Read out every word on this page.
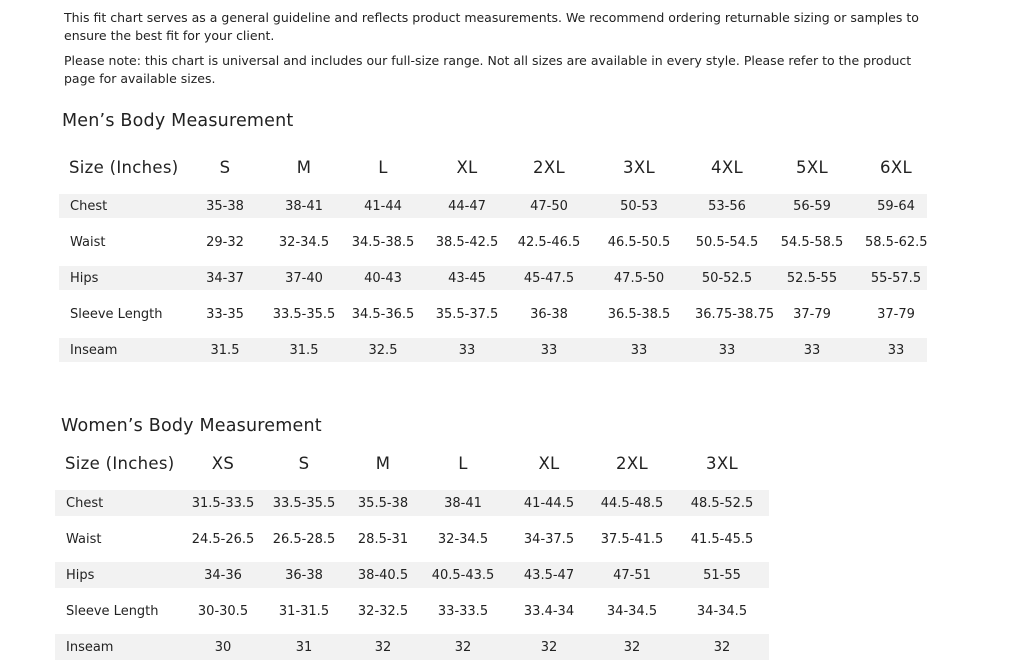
This fit chart serves as a general guideline and reflects product measurements. We recommend ordering returnable sizing or samples to ensure the best fit for your client.

Please note: this chart is universal and includes our full-size range. Not all sizes are available in every style. Please refer to the product page for available sizes.

Men’s Body Measurement
Size (Inches)	S	M	L	XL	2XL	3XL	4XL	5XL	6XL

Chest	35-38	38-41	41-44	44-47	47-50	50-53	53-56	56-59	59-64

Waist	29-32	32-34.5	34.5-38.5	38.5-42.5	42.5-46.5	46.5-50.5	50.5-54.5	54.5-58.5	58.5-62.5

Hips	34-37	37-40	40-43	43-45	45-47.5	47.5-50	50-52.5	52.5-55	55-57.5

Sleeve Length	33-35	33.5-35.5	34.5-36.5	35.5-37.5	36-38	36.5-38.5	36.75-38.75	37-79	37-79

Inseam	31.5	31.5	32.5	33	33	33	33	33	33
Women’s Body Measurement
Size (Inches)	XS	S	M	L	XL	2XL	3XL

Chest	31.5-33.5	33.5-35.5	35.5-38	38-41	41-44.5	44.5-48.5	48.5-52.5

Waist	24.5-26.5	26.5-28.5	28.5-31	32-34.5	34-37.5	37.5-41.5	41.5-45.5

Hips	34-36	36-38	38-40.5	40.5-43.5	43.5-47	47-51	51-55

Sleeve Length	30-30.5	31-31.5	32-32.5	33-33.5	33.4-34	34-34.5	34-34.5

Inseam	30	31	32	32	32	32	32
